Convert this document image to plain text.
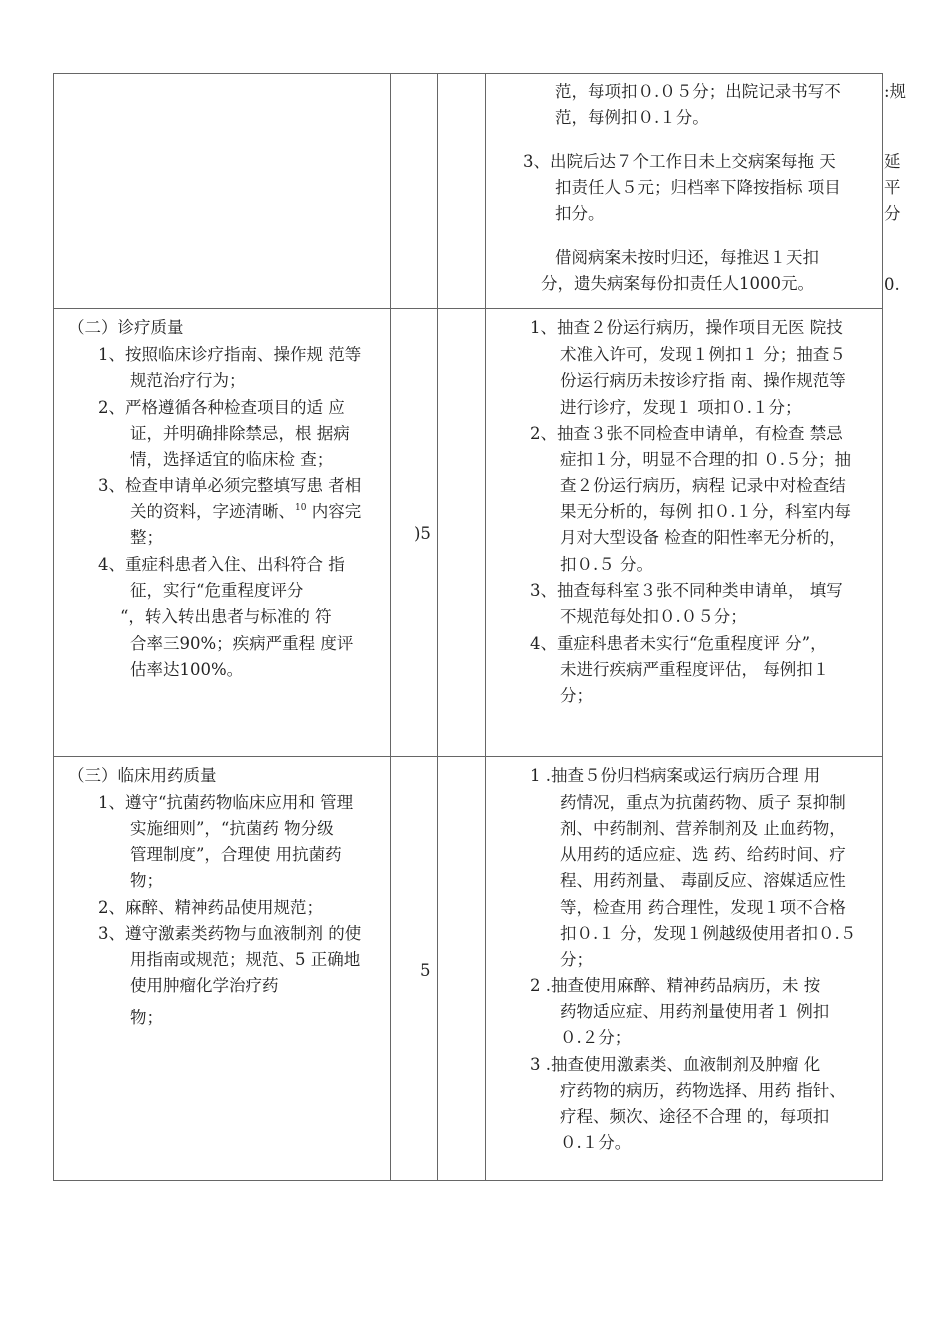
范，每项扣０.０５分；出院记录书写不
范，每例扣０.１分。
3、出院后达７个工作日未上交病案每拖 天
扣责任人５元；归档率下降按指标 项目
扣分。
借阅病案未按时归还，每推迟１天扣
分，遗失病案每份扣责任人1000元。
:规
延
平
分
0.
（二）诊疗质量
1、按照临床诊疗指南、操作规 范等
规范治疗行为；
2、严格遵循各种检查项目的适 应
证，并明确排除禁忌，根 据病
情，选择适宜的临床检 查；
3、检查申请单必须完整填写患 者相
关的资料，字迹清晰、$^{10}$ 内容完
整；
4、重症科患者入住、出科符合 指
征，实行“危重程度评分
“，转入转出患者与标准的 符
合率三90%；疾病严重程 度评
估率达100%。
)5
1、抽查２份运行病历，操作项目无医 院技
术准入许可，发现１例扣１ 分；抽查５
份运行病历未按诊疗指 南、操作规范等
进行诊疗，发现１ 项扣０.１分；
2、抽查３张不同检查申请单，有检查 禁忌
症扣１分，明显不合理的扣 ０.５分；抽
查２份运行病历，病程 记录中对检查结
果无分析的，每例 扣０.１分，科室内每
月对大型设备 检查的阳性率无分析的，
扣０.５ 分。
3、抽查每科室３张不同种类申请单， 填写
不规范每处扣０.０５分；
4、重症科患者未实行“危重程度评 分”，
未进行疾病严重程度评估， 每例扣１
分；
（三）临床用药质量
1、遵守“抗菌药物临床应用和 管理
实施细则”，“抗菌药 物分级
管理制度”，合理使 用抗菌药
物；
2、麻醉、精神药品使用规范；
3、遵守激素类药物与血液制剂 的使
用指南或规范；规范、5 正确地
使用肿瘤化学治疗药
物；
5
1 .抽查５份归档病案或运行病历合理 用
药情况，重点为抗菌药物、质子 泵抑制
剂、中药制剂、营养制剂及 止血药物，
从用药的适应症、选 药、给药时间、疗
程、用药剂量、 毒副反应、溶媒适应性
等，检查用 药合理性，发现１项不合格
扣０.１ 分，发现１例越级使用者扣０.５
分；
2 .抽查使用麻醉、精神药品病历，未 按
药物适应症、用药剂量使用者１ 例扣
０.２分；
3 .抽查使用激素类、血液制剂及肿瘤 化
疗药物的病历，药物选择、用药 指针、
疗程、频次、途径不合理 的，每项扣
０.１分。
